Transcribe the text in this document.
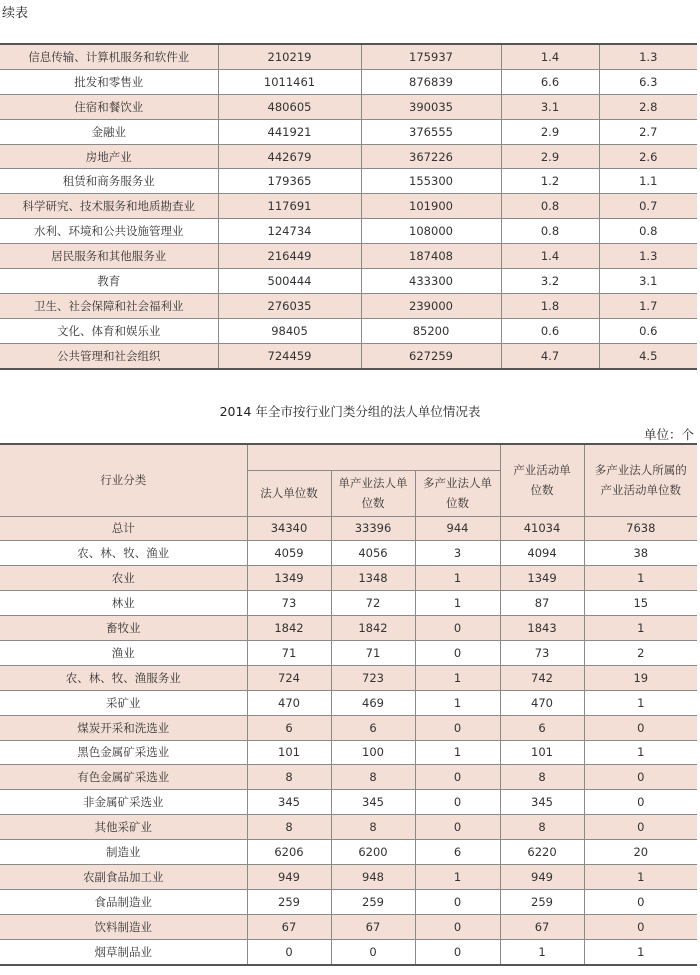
续表
信息传输、计算机服务和软件业	210219	175937	1.4	1.3
批发和零售业	1011461	876839	6.6	6.3
住宿和餐饮业	480605	390035	3.1	2.8
金融业	441921	376555	2.9	2.7
房地产业	442679	367226	2.9	2.6
租赁和商务服务业	179365	155300	1.2	1.1
科学研究、技术服务和地质勘查业	117691	101900	0.8	0.7
水利、环境和公共设施管理业	124734	108000	0.8	0.8
居民服务和其他服务业	216449	187408	1.4	1.3
教育	500444	433300	3.2	3.1
卫生、社会保障和社会福利业	276035	239000	1.8	1.7
文化、体育和娱乐业	98405	85200	0.6	0.6
公共管理和社会组织	724459	627259	4.7	4.5
2014 年全市按行业门类分组的法人单位情况表
单位：个
行业分类				产业活动单位数	多产业法人所属的产业活动单位数
	法人单位数	单产业法人单位数	多产业法人单位数		
总计	34340	33396	944	41034	7638
农、林、牧、渔业	4059	4056	3	4094	38
农业	1349	1348	1	1349	1
林业	73	72	1	87	15
畜牧业	1842	1842	0	1843	1
渔业	71	71	0	73	2
农、林、牧、渔服务业	724	723	1	742	19
采矿业	470	469	1	470	1
煤炭开采和洗选业	6	6	0	6	0
黑色金属矿采选业	101	100	1	101	1
有色金属矿采选业	8	8	0	8	0
非金属矿采选业	345	345	0	345	0
其他采矿业	8	8	0	8	0
制造业	6206	6200	6	6220	20
农副食品加工业	949	948	1	949	1
食品制造业	259	259	0	259	0
饮料制造业	67	67	0	67	0
烟草制品业	0	0	0	1	1
